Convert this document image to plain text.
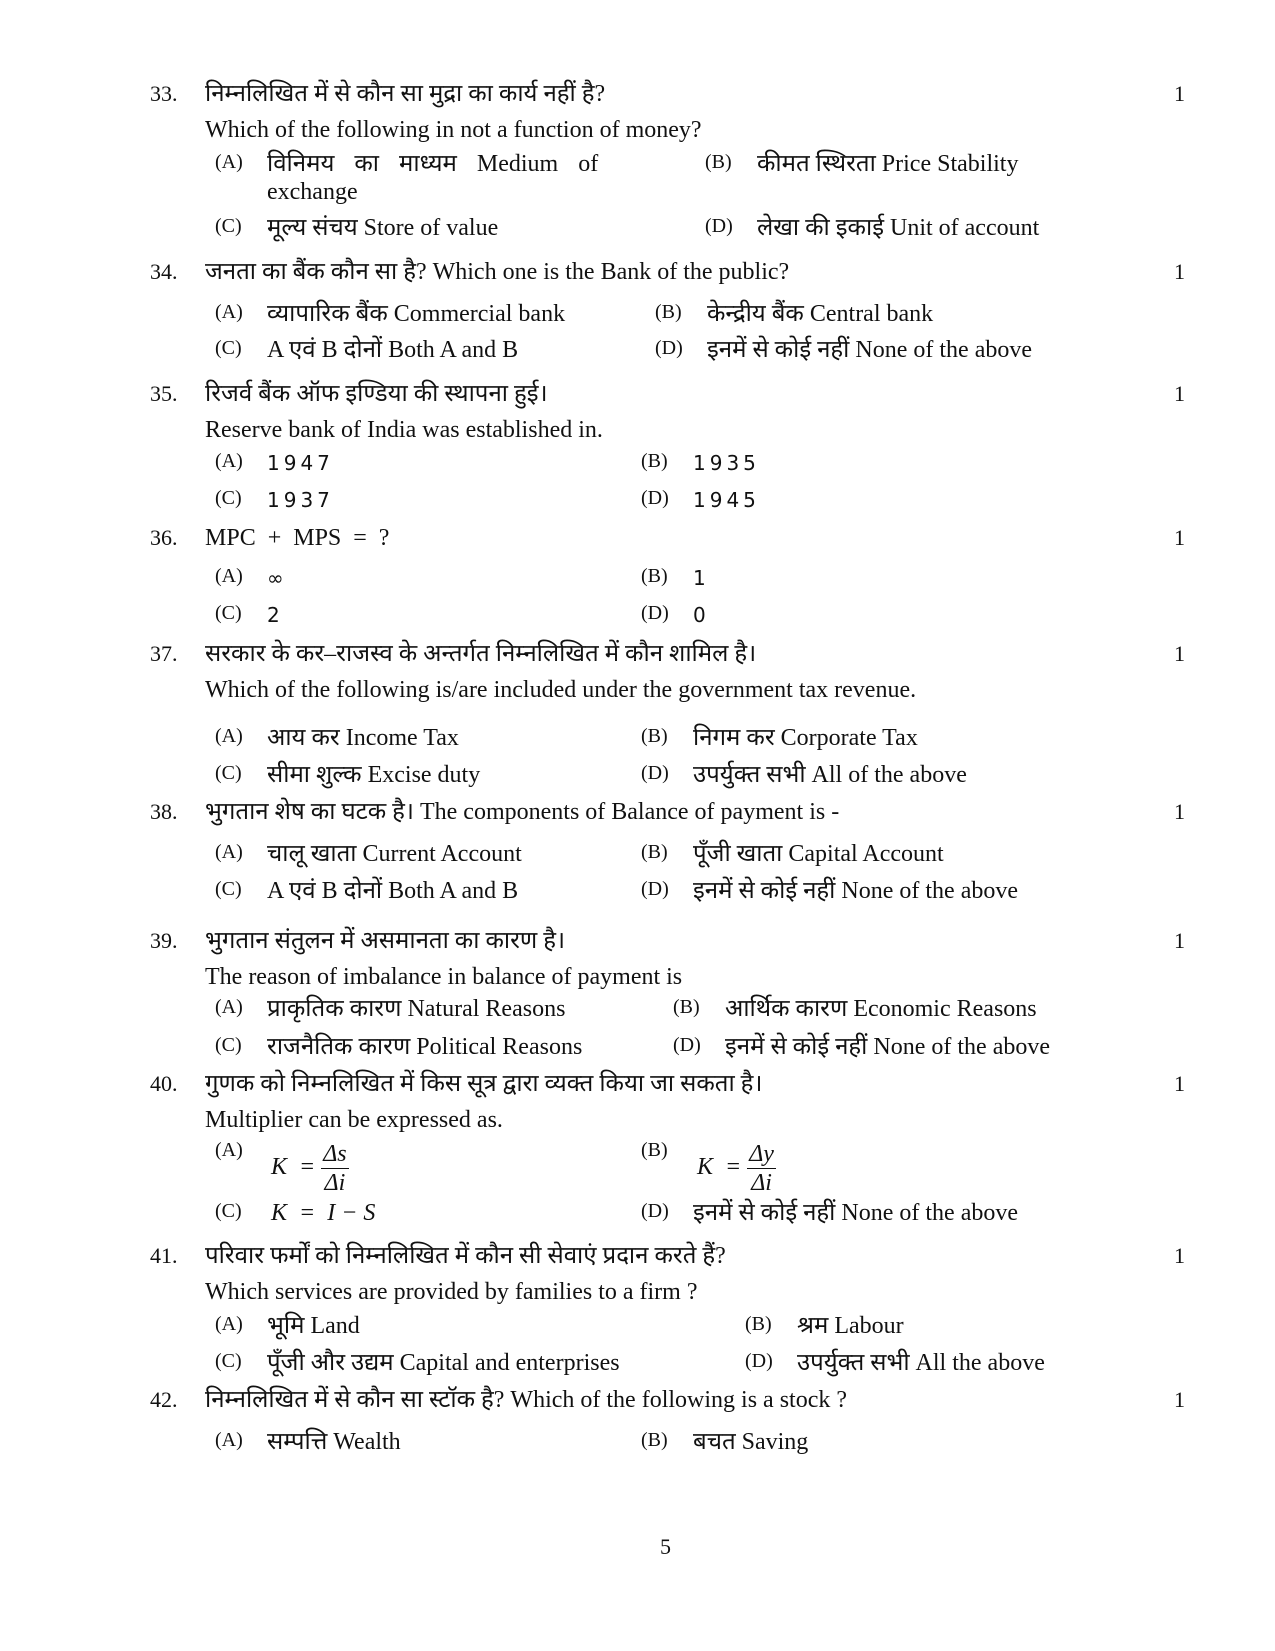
33. निम्नलिखित में से कौन सा मुद्रा का कार्य नहीं है?
Which of the following in not a function of money?
1
(A) विनिमय का माध्यम Medium of exchange
(B) कीमत स्थिरता Price Stability
(C) मूल्य संचय Store of value	(D) लेखा की इकाई Unit of account
34. जनता का बैंक कौन सा है? Which one is the Bank of the public?	1
(A) व्यापारिक बैंक Commercial bank	(B) केन्द्रीय बैंक Central bank
(C) A एवं B दोनों Both A and B	(D) इनमें से कोई नहीं None of the above
35. रिजर्व बैंक ऑफ इण्डिया की स्थापना हुई।
Reserve bank of India was established in.
1
(A) 1947	(B) 1935
(C) 1937	(D) 1945
36. MPC + MPS = ?	1
(A) ∞	(B) 1
(C) 2	(D) 0
37. सरकार के कर–राजस्व के अन्तर्गत निम्नलिखित में कौन शामिल है।
Which of the following is/are included under the government tax revenue.
1
(A) आय कर Income Tax	(B) निगम कर Corporate Tax
(C) सीमा शुल्क Excise duty	(D) उपर्युक्त सभी All of the above
38. भुगतान शेष का घटक है। The components of Balance of payment is -	1
(A) चालू खाता Current Account	(B) पूँजी खाता Capital Account
(C) A एवं B दोनों Both A and B	(D) इनमें से कोई नहीं None of the above
39. भुगतान संतुलन में असमानता का कारण है।
The reason of imbalance in balance of payment is
1
(A) प्राकृतिक कारण Natural Reasons	(B) आर्थिक कारण Economic Reasons
(C) राजनैतिक कारण Political Reasons	(D) इनमें से कोई नहीं None of the above
40. गुणक को निम्नलिखित में किस सूत्र द्वारा व्यक्त किया जा सकता है।
Multiplier can be expressed as.
1
(A)
$K = \frac{\Delta s}{\Delta i}$	(B)
$K = \frac{\Delta y}{\Delta i}$
(C) K  =  I − S	(D) इनमें से कोई नहीं None of the above
41. परिवार फर्मों को निम्नलिखित में कौन सी सेवाएं प्रदान करते हैं?
Which services are provided by families to a firm ?
1
(A) भूमि Land	(B) श्रम Labour
(C) पूँजी और उद्यम Capital and enterprises	(D) उपर्युक्त सभी All the above
42. निम्नलिखित में से कौन सा स्टॉक है? Which of the following is a stock ?	1
(A) सम्पत्ति Wealth	(B) बचत Saving
5
